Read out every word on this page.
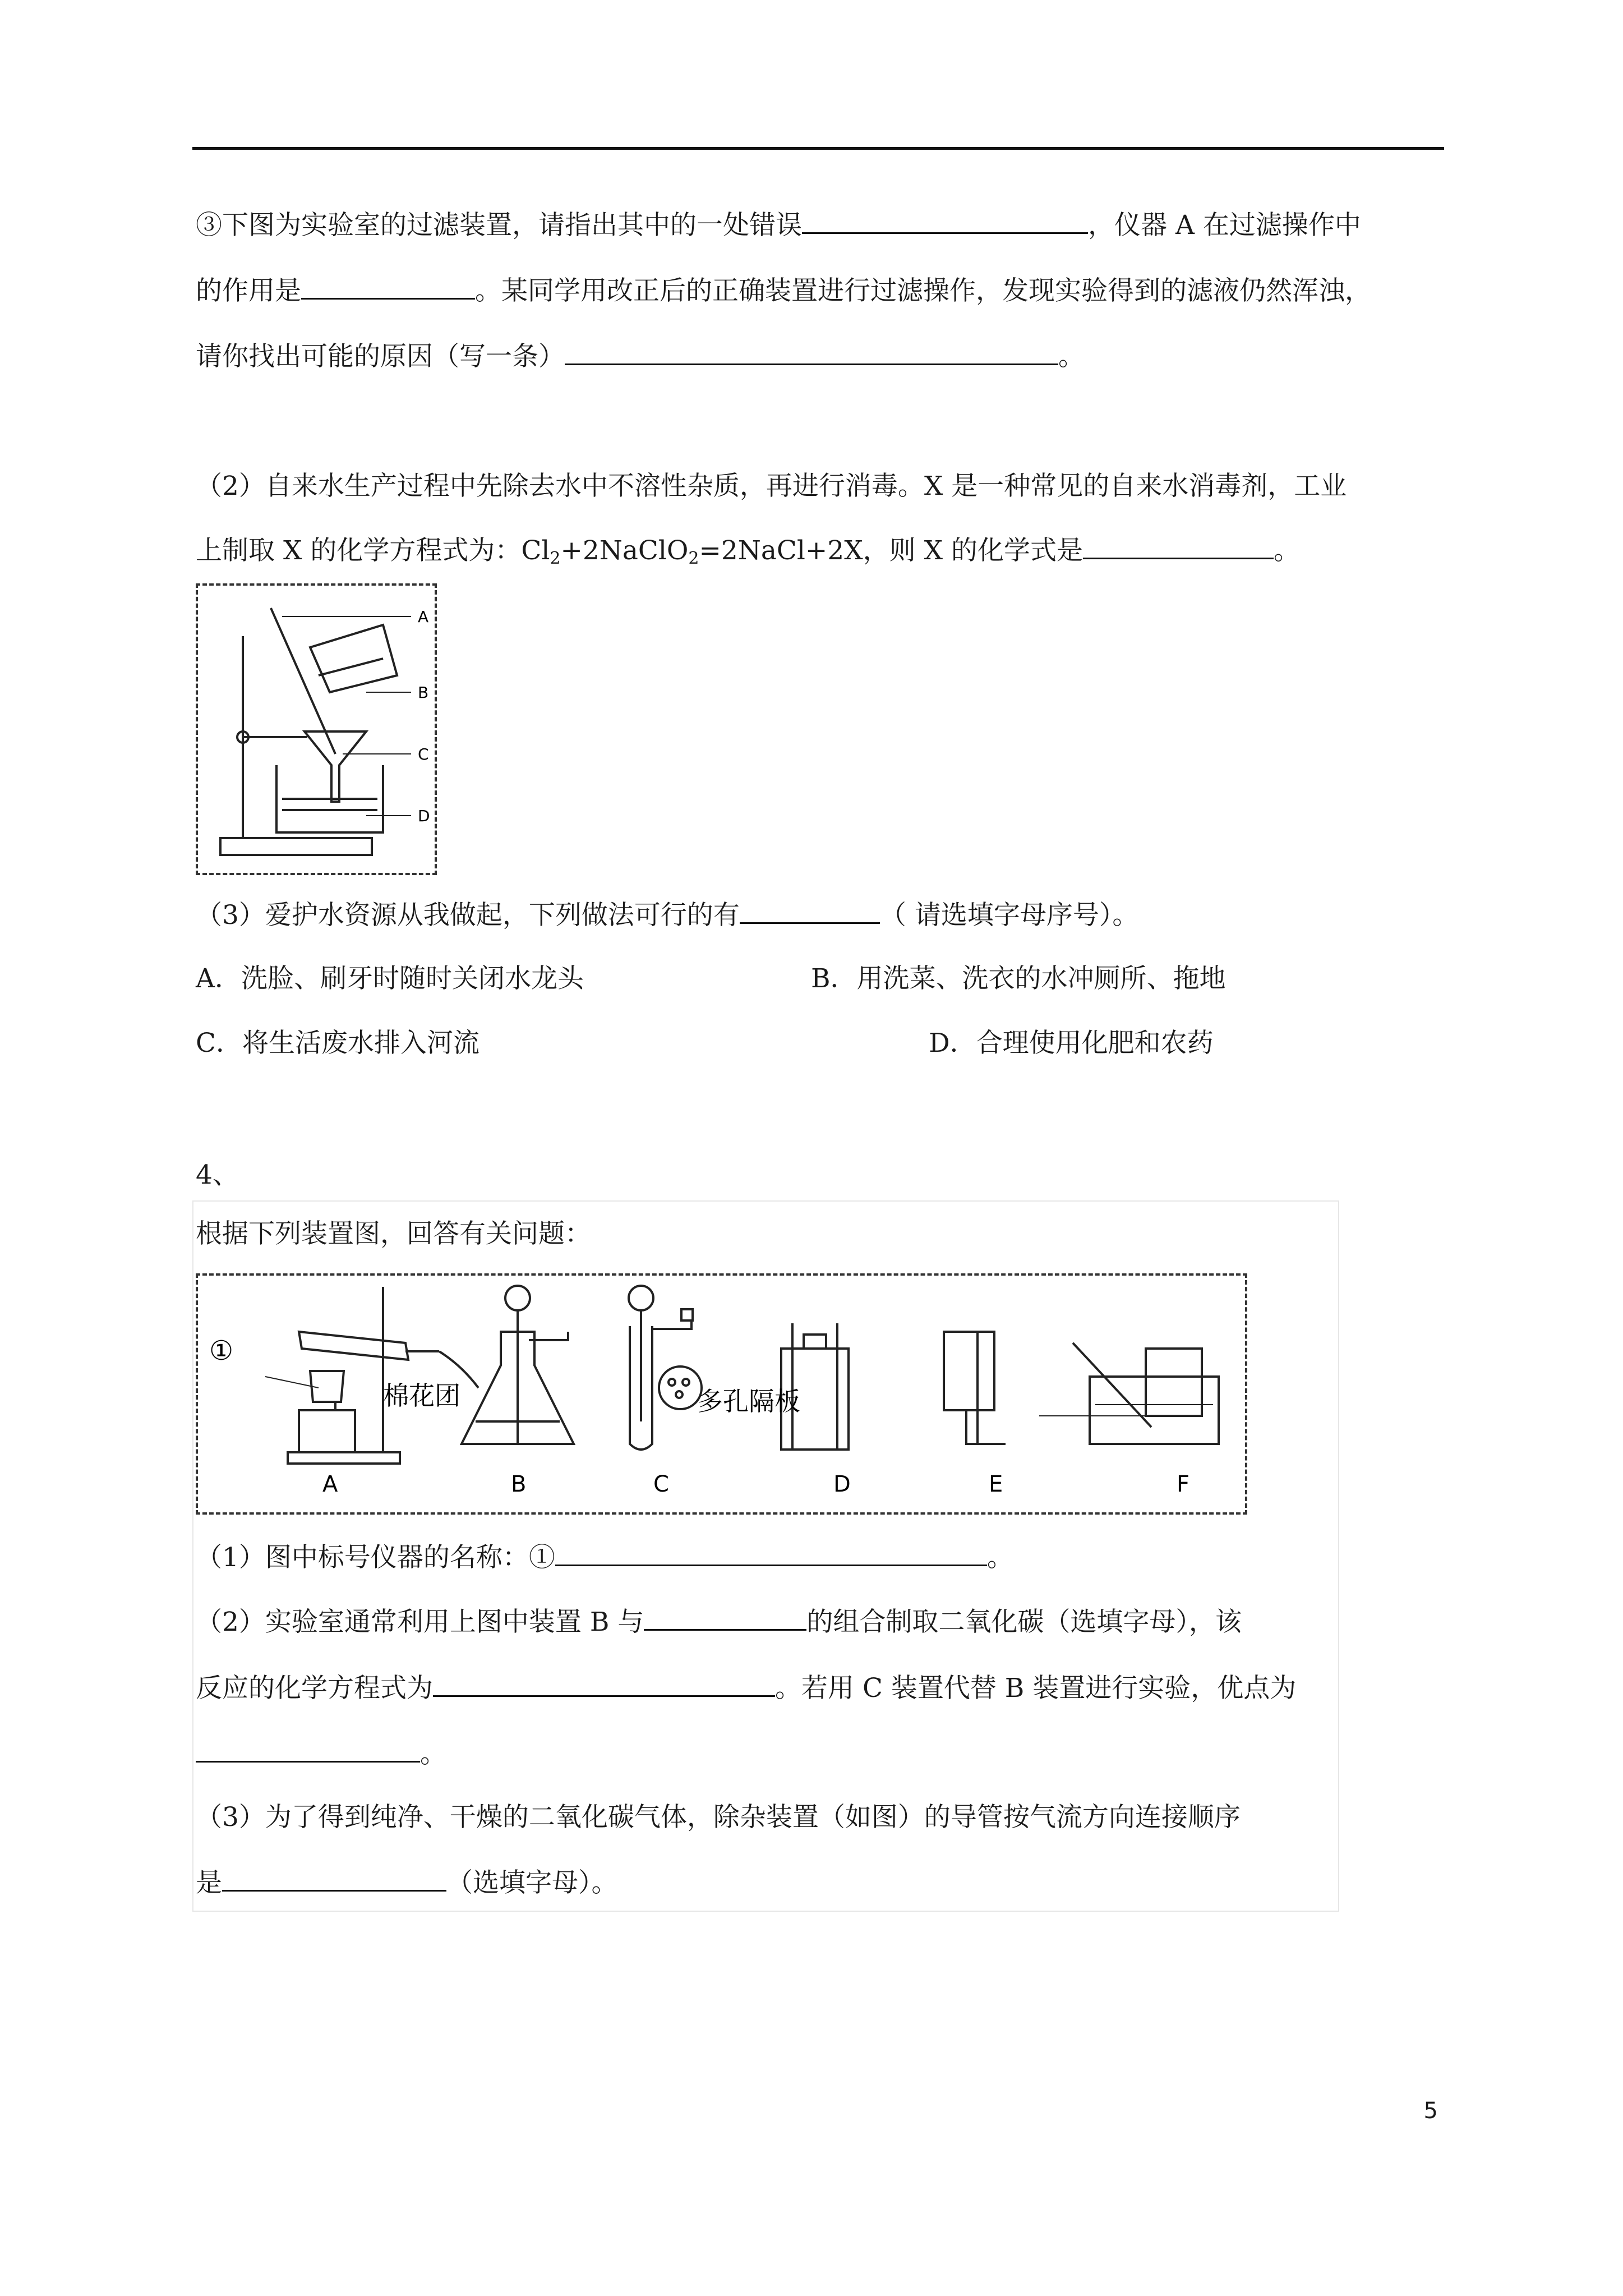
③下图为实验室的过滤装置，请指出其中的一处错误	，仪器 A 在过滤操作中
的作用是	。某同学用改正后的正确装置进行过滤操作，发现实验得到的滤液仍然浑浊，
请你找出可能的原因（写一条）	。
（2）自来水生产过程中先除去水中不溶性杂质，再进行消毒。X 是一种常见的自来水消毒剂，工业
上制取 X 的化学方程式为：$Cl_2+2NaClO_2=2NaCl+2X$，则 X 的化学式是	。
A
B
C
D
（3）爱护水资源从我做起，下列做法可行的有	（ 请选填字母序号）。
A．洗脸、刷牙时随时关闭水龙头	B．用洗菜、洗衣的水冲厕所、拖地
C．将生活废水排入河流	D．合理使用化肥和农药
4、
根据下列装置图，回答有关问题：
①
棉花团	多孔隔板
A	B	C	D	E	F
（1）图中标号仪器的名称：①	。
（2）实验室通常利用上图中装置 B 与	的组合制取二氧化碳（选填字母），该
反应的化学方程式为	。若用 C 装置代替 B 装置进行实验，优点为
。
（3）为了得到纯净、干燥的二氧化碳气体，除杂装置（如图）的导管按气流方向连接顺序
是	（选填字母）。
5
